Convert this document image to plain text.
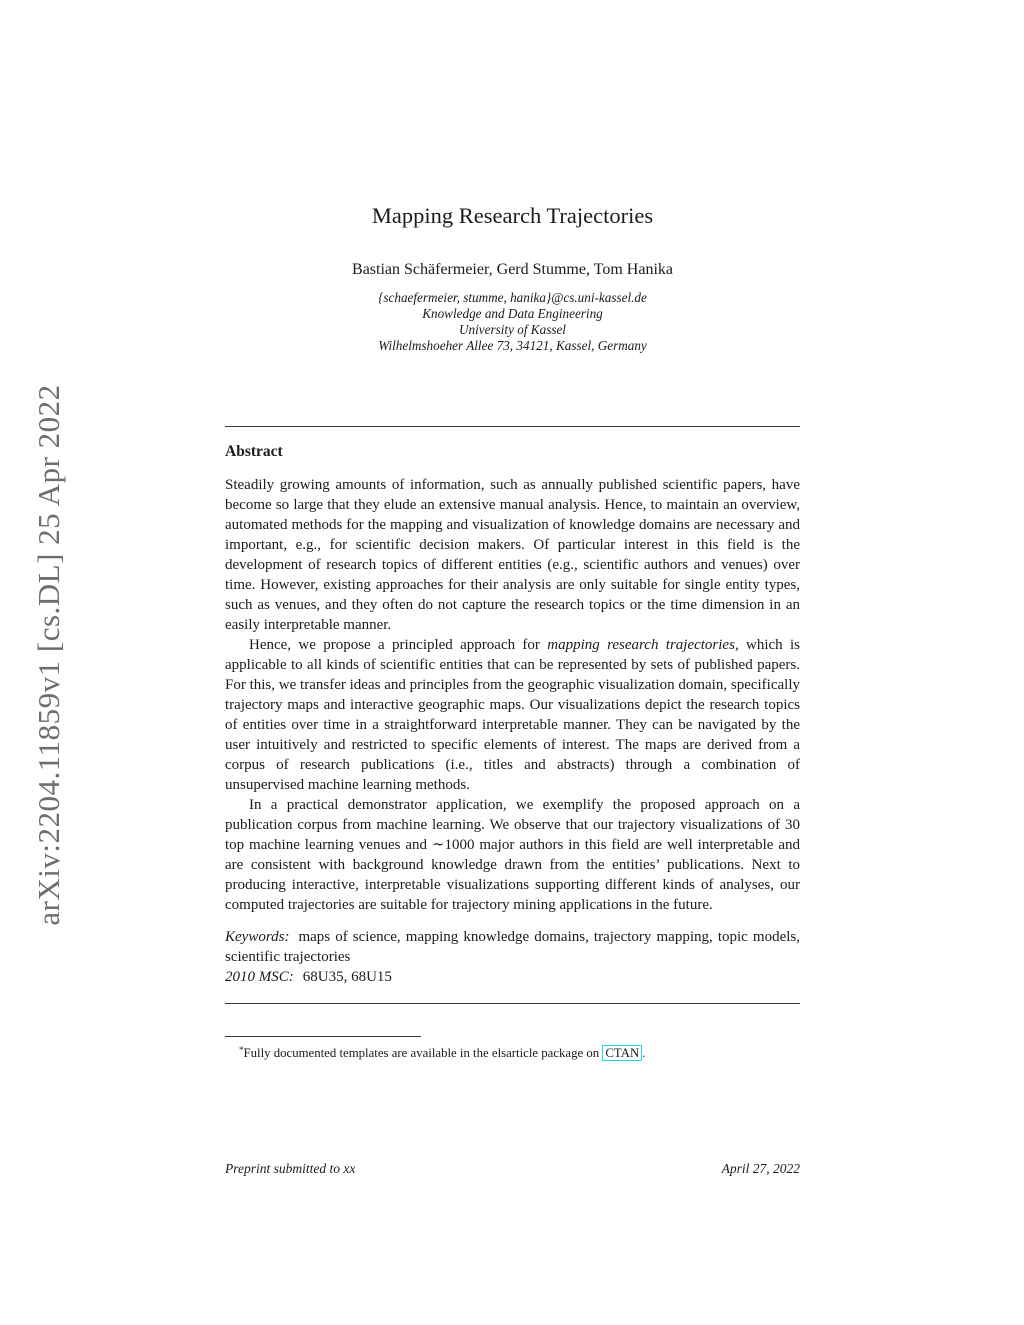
arXiv:2204.11859v1 [cs.DL] 25 Apr 2022
Mapping Research Trajectories
Bastian Schäfermeier, Gerd Stumme, Tom Hanika
{schaefermeier, stumme, hanika}@cs.uni-kassel.de
Knowledge and Data Engineering
University of Kassel
Wilhelmshoeher Allee 73, 34121, Kassel, Germany
Abstract

Steadily growing amounts of information, such as annually published scientific papers, have become so large that they elude an extensive manual analysis. Hence, to maintain an overview, automated methods for the mapping and visualization of knowledge domains are necessary and important, e.g., for scientific decision makers. Of particular interest in this field is the development of research topics of different entities (e.g., scientific authors and venues) over time. However, existing approaches for their analysis are only suitable for single entity types, such as venues, and they often do not capture the research topics or the time dimension in an easily interpretable manner.

Hence, we propose a principled approach for mapping research trajectories, which is applicable to all kinds of scientific entities that can be represented by sets of published papers. For this, we transfer ideas and principles from the geographic visualization domain, specifically trajectory maps and interactive geographic maps. Our visualizations depict the research topics of entities over time in a straightforward interpretable manner. They can be navigated by the user intuitively and restricted to specific elements of interest. The maps are derived from a corpus of research publications (i.e., titles and abstracts) through a combination of unsupervised machine learning methods.

In a practical demonstrator application, we exemplify the proposed approach on a publication corpus from machine learning. We observe that our trajectory visualizations of 30 top machine learning venues and ∼1000 major authors in this field are well interpretable and are consistent with background knowledge drawn from the entities’ publications. Next to producing interactive, interpretable visualizations supporting different kinds of analyses, our computed trajectories are suitable for trajectory mining applications in the future.

Keywords: maps of science, mapping knowledge domains, trajectory mapping, topic models, scientific trajectories
2010 MSC: 68U35, 68U15
*Fully documented templates are available in the elsarticle package on CTAN .
Preprint submitted to xx	April 27, 2022
